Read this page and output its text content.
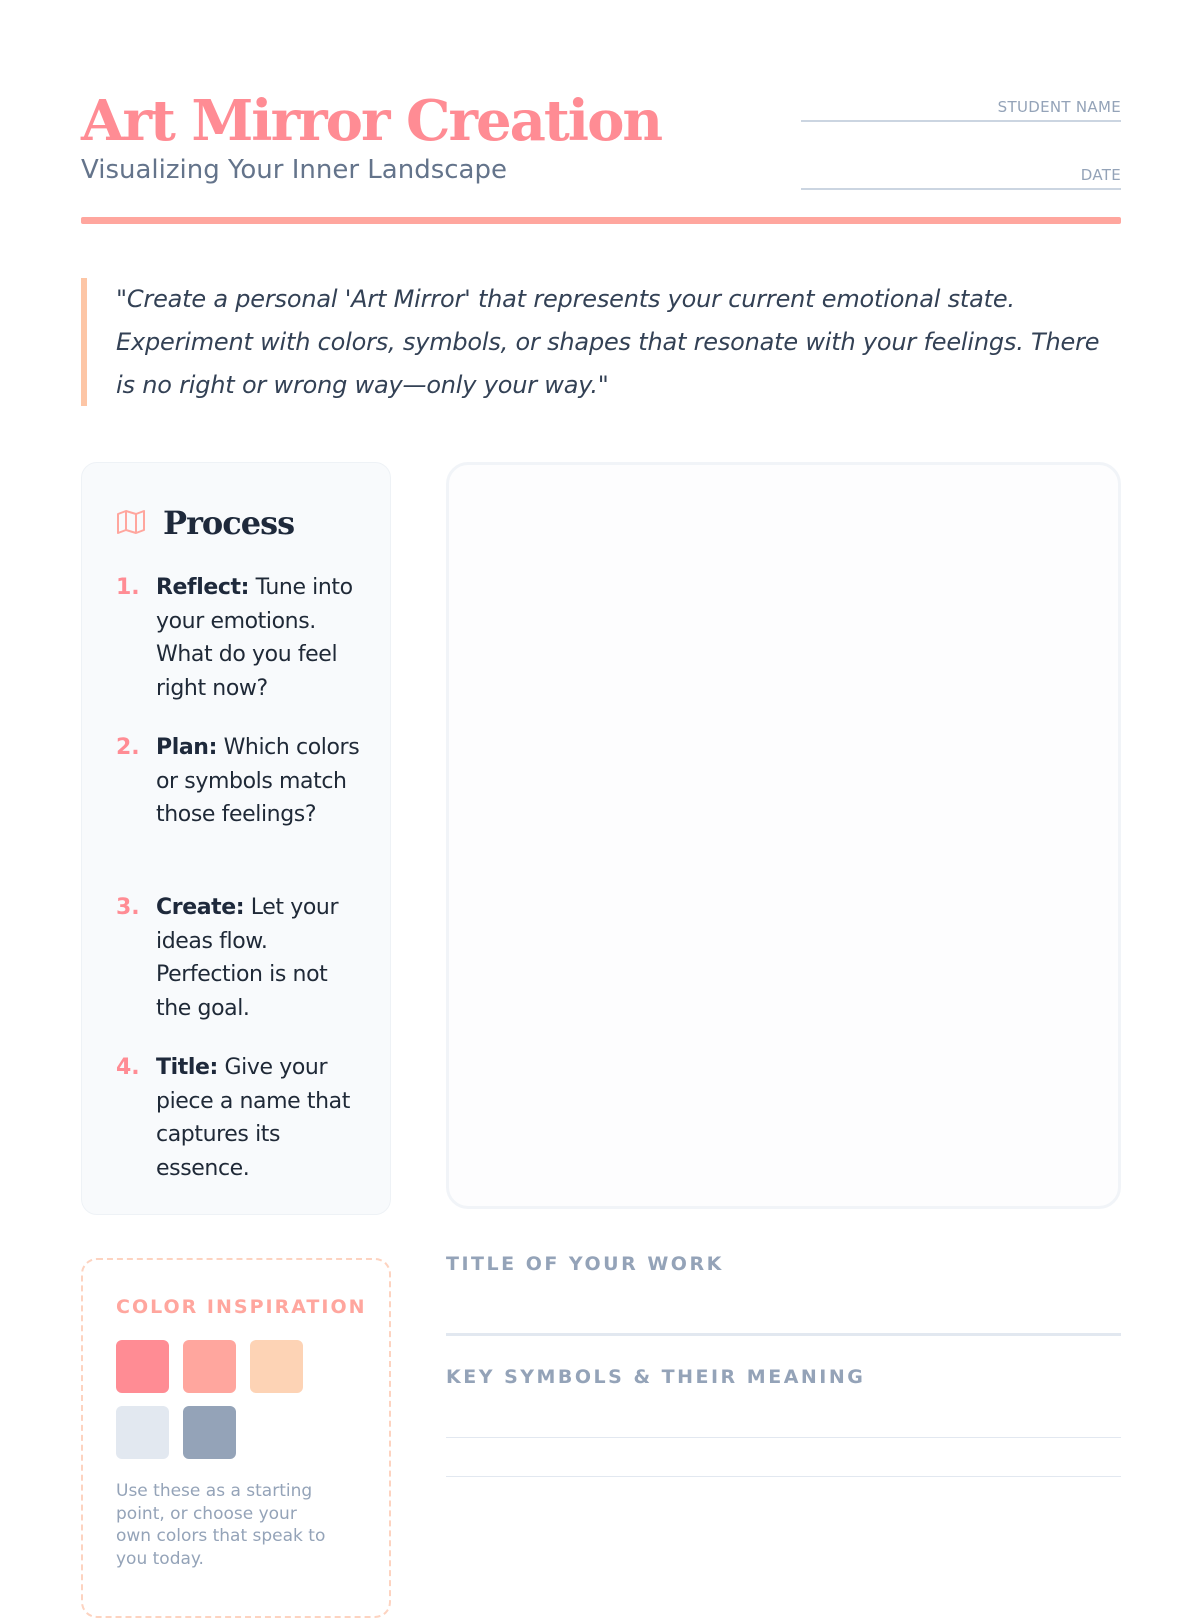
Art Mirror Creation

Visualizing Your Inner Landscape

STUDENT NAME
DATE

"Create a personal 'Art Mirror' that represents your current emotional state. Experiment with colors, symbols, or shapes that resonate with your feelings. There is no right or wrong way—only your way."

Process
1. Reflect: Tune into your emotions. What do you feel right now?
2. Plan: Which colors or symbols match those feelings?
3. Create: Let your ideas flow. Perfection is not the goal.
4. Title: Give your piece a name that captures its essence.

COLOR INSPIRATION

Use these as a starting point, or choose your own colors that speak to you today.

TITLE OF YOUR WORK

KEY SYMBOLS & THEIR MEANING
